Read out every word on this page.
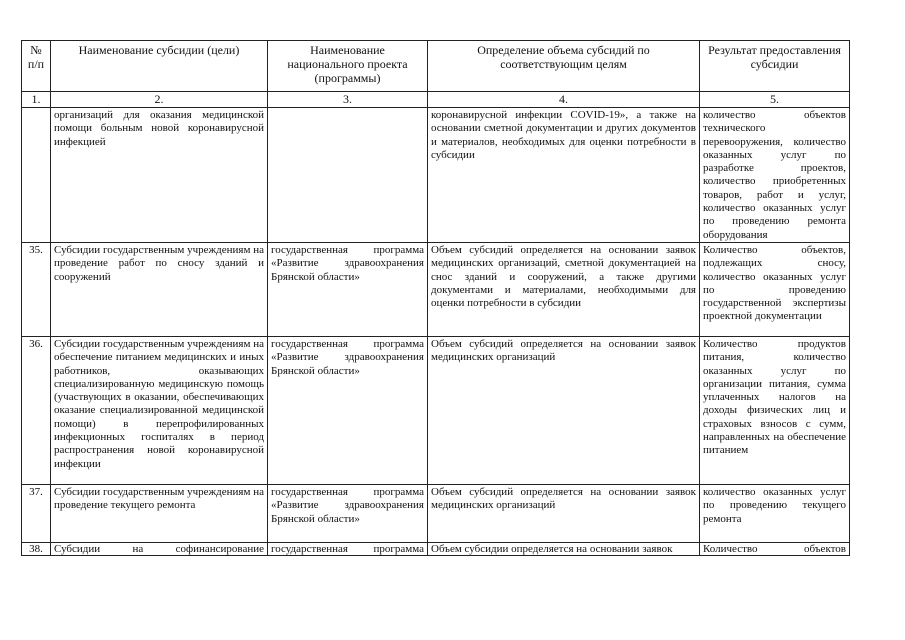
№ п/п	Наименование субсидии (цели)	Наименование национального проекта (программы)	Определение объема субсидий по соответствующим целям	Результат предоставления субсидии
1.	2.	3.	4.	5.
	организаций для оказания медицинской помощи больным новой коронавирусной инфекцией		коронавирусной инфекции COVID-19», а также на основании сметной документации и других документов и материалов, необходимых для оценки потребности в субсидии	количество объектов технического перевооружения, количество оказанных услуг по разработке проектов, количество приобретенных товаров, работ и услуг, количество оказанных услуг по проведению ремонта оборудования
35.	Субсидии государственным учреждениям на проведение работ по сносу зданий и сооружений	государственная программа «Развитие здравоохранения Брянской области»	Объем субсидий определяется на основании заявок медицинских организаций, сметной документацией на снос зданий и сооружений, а также другими документами и материалами, необходимыми для оценки потребности в субсидии	Количество объектов, подлежащих сносу, количество оказанных услуг по проведению государственной экспертизы проектной документации
36.	Субсидии государственным учреждениям на обеспечение питанием медицинских и иных работников, оказывающих специализированную медицинскую помощь (участвующих в оказании, обеспечивающих оказание специализированной медицинской помощи) в перепрофилированных инфекционных госпиталях в период распространения новой коронавирусной инфекции	государственная программа «Развитие здравоохранения Брянской области»	Объем субсидий определяется на основании заявок медицинских организаций	Количество продуктов питания, количество оказанных услуг по организации питания, сумма уплаченных налогов на доходы физических лиц и страховых взносов с сумм, направленных на обеспечение питанием
37.	Субсидии государственным учреждениям на проведение текущего ремонта	государственная программа «Развитие здравоохранения Брянской области»	Объем субсидий определяется на основании заявок медицинских организаций	количество оказанных услуг по проведению текущего ремонта
38.	Субсидии на софинансирование	государственная программа	Объем субсидии определяется на основании заявок	Количество объектов
